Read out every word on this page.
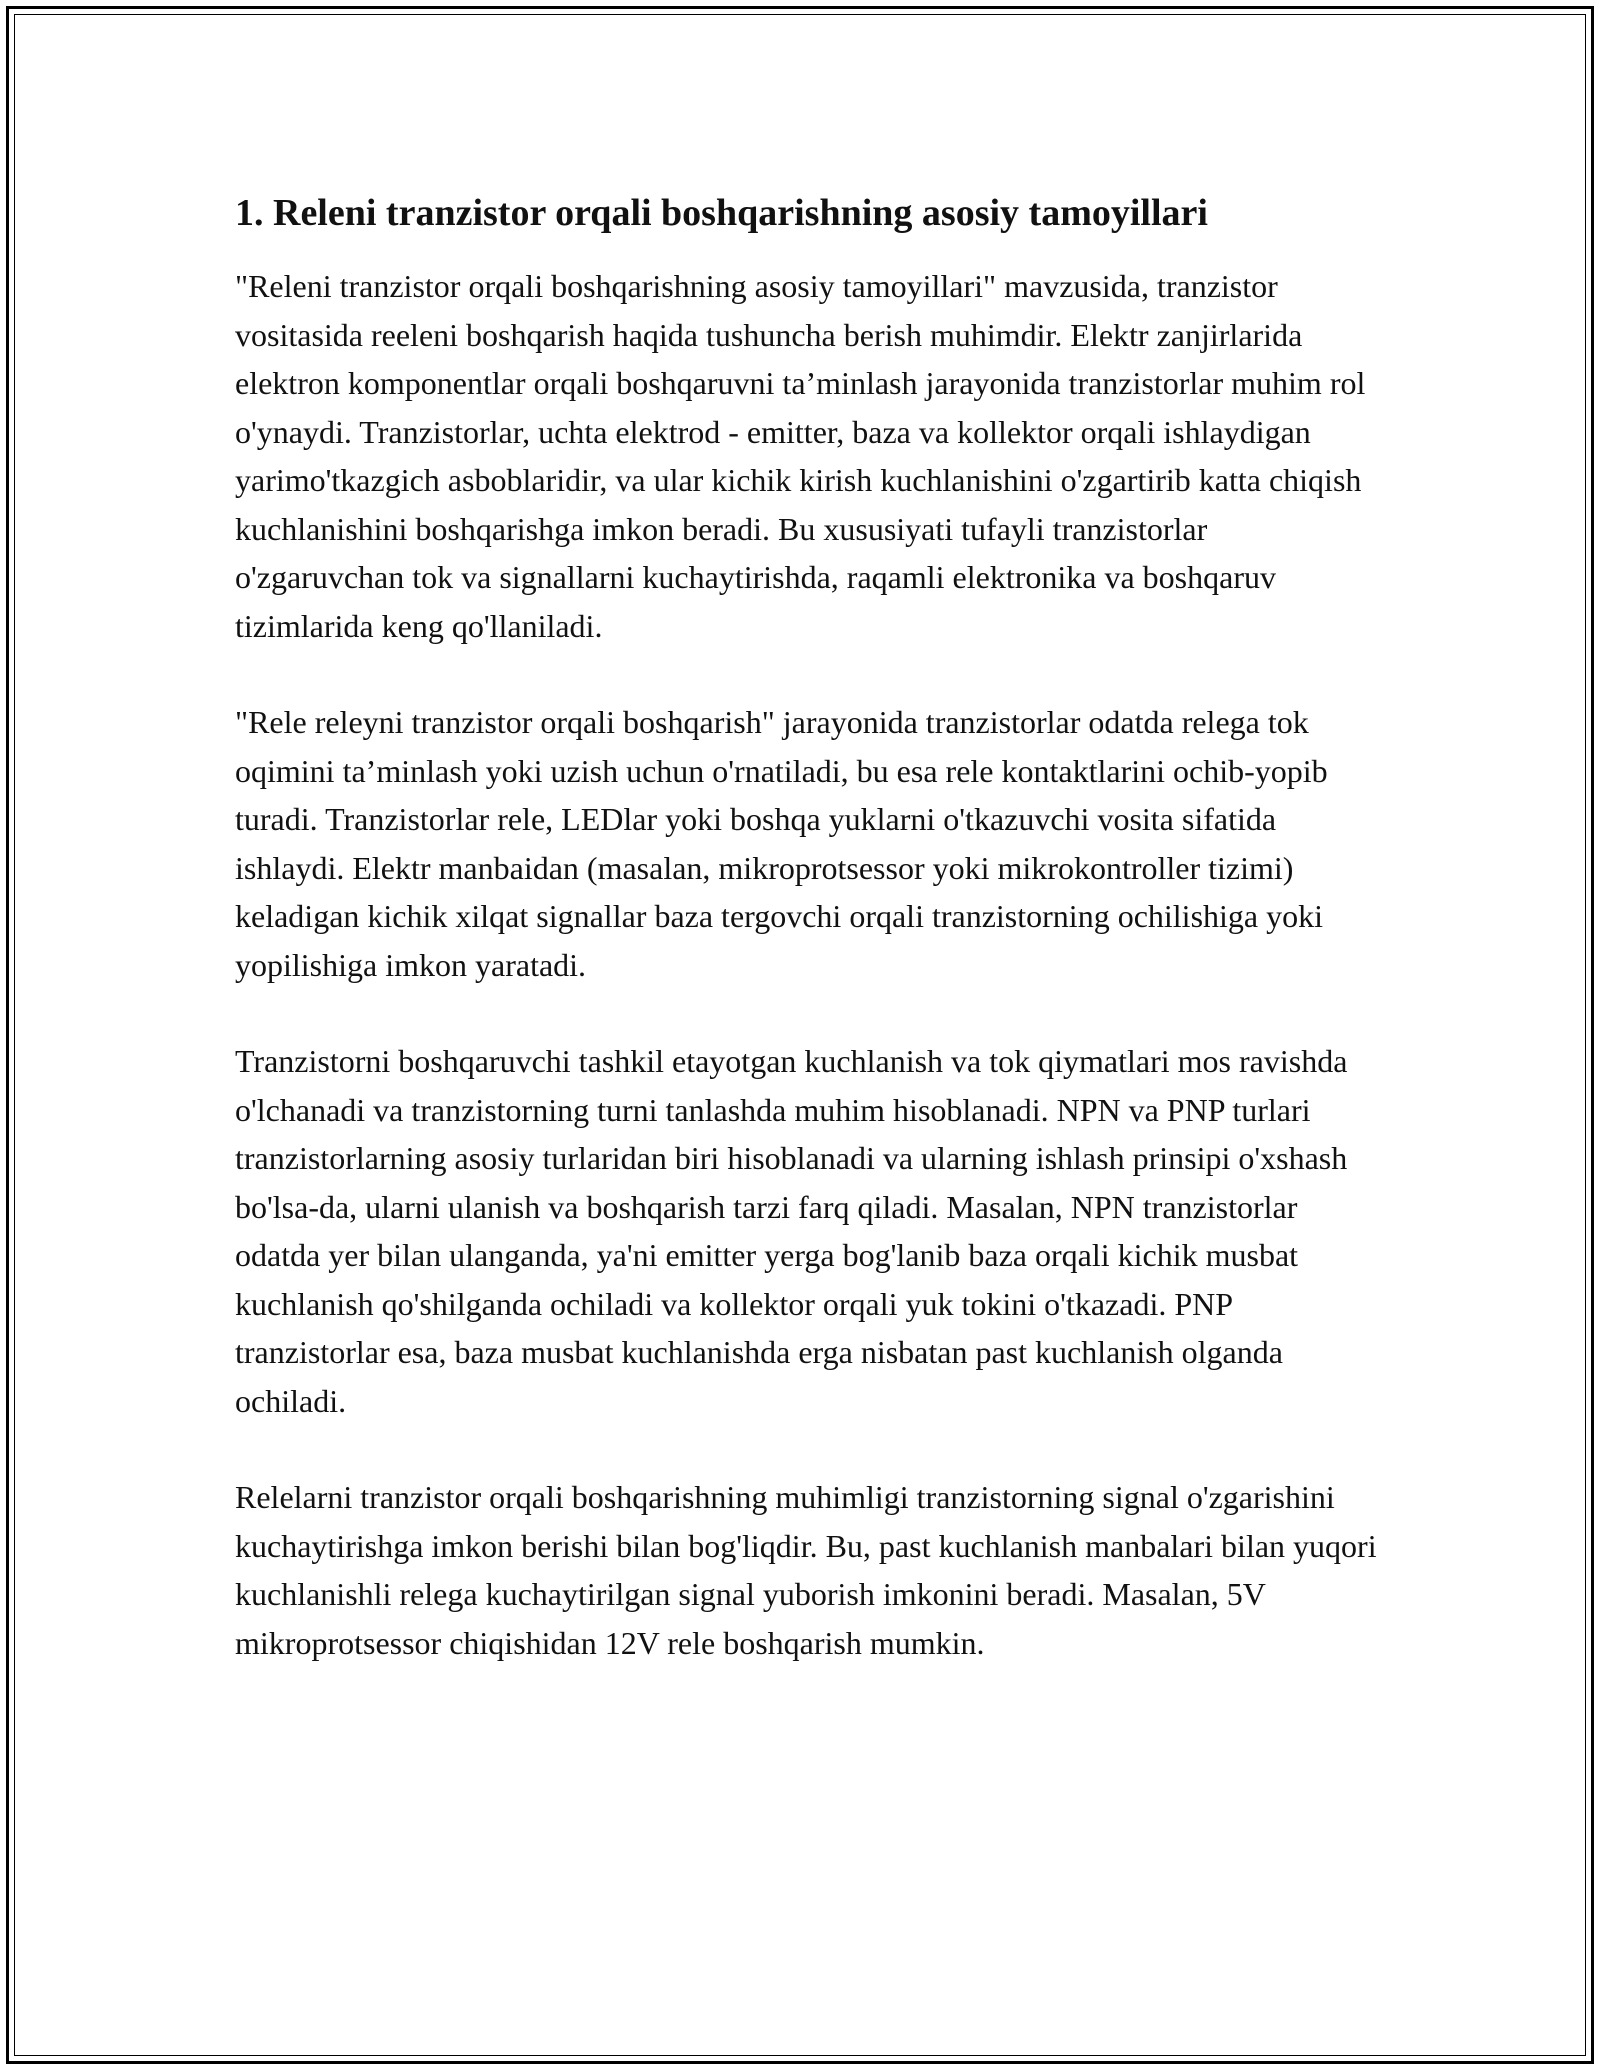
1. Releni tranzistor orqali boshqarishning asosiy tamoyillari

"Releni tranzistor orqali boshqarishning asosiy tamoyillari" mavzusida, tranzistor vositasida reeleni boshqarish haqida tushuncha berish muhimdir. Elektr zanjirlarida elektron komponentlar orqali boshqaruvni ta’minlash jarayonida tranzistorlar muhim rol o'ynaydi. Tranzistorlar, uchta elektrod - emitter, baza va kollektor orqali ishlaydigan yarimo'tkazgich asboblaridir, va ular kichik kirish kuchlanishini o'zgartirib katta chiqish kuchlanishini boshqarishga imkon beradi. Bu xususiyati tufayli tranzistorlar o'zgaruvchan tok va signallarni kuchaytirishda, raqamli elektronika va boshqaruv tizimlarida keng qo'llaniladi.

"Rele releyni tranzistor orqali boshqarish" jarayonida tranzistorlar odatda relega tok oqimini ta’minlash yoki uzish uchun o'rnatiladi, bu esa rele kontaktlarini ochib-yopib turadi. Tranzistorlar rele, LEDlar yoki boshqa yuklarni o'tkazuvchi vosita sifatida ishlaydi. Elektr manbaidan (masalan, mikroprotsessor yoki mikrokontroller tizimi) keladigan kichik xilqat signallar baza tergovchi orqali tranzistorning ochilishiga yoki yopilishiga imkon yaratadi.

Tranzistorni boshqaruvchi tashkil etayotgan kuchlanish va tok qiymatlari mos ravishda o'lchanadi va tranzistorning turni tanlashda muhim hisoblanadi. NPN va PNP turlari tranzistorlarning asosiy turlaridan biri hisoblanadi va ularning ishlash prinsipi o'xshash bo'lsa-da, ularni ulanish va boshqarish tarzi farq qiladi. Masalan, NPN tranzistorlar odatda yer bilan ulanganda, ya'ni emitter yerga bog'lanib baza orqali kichik musbat kuchlanish qo'shilganda ochiladi va kollektor orqali yuk tokini o'tkazadi. PNP tranzistorlar esa, baza musbat kuchlanishda erga nisbatan past kuchlanish olganda ochiladi.

Relelarni tranzistor orqali boshqarishning muhimligi tranzistorning signal o'zgarishini kuchaytirishga imkon berishi bilan bog'liqdir. Bu, past kuchlanish manbalari bilan yuqori kuchlanishli relega kuchaytirilgan signal yuborish imkonini beradi. Masalan, 5V mikroprotsessor chiqishidan 12V rele boshqarish mumkin.
